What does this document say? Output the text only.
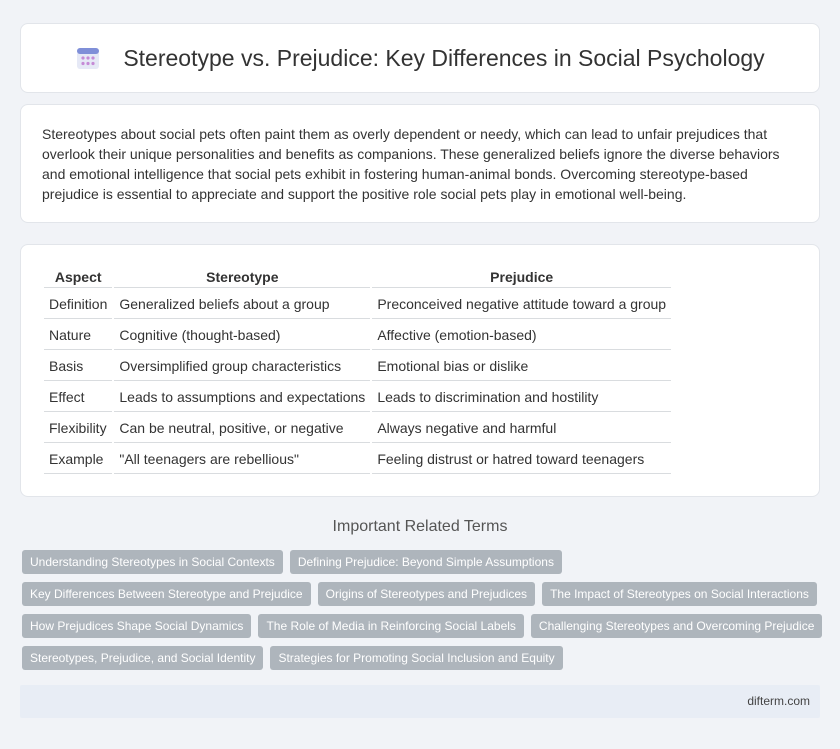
Stereotype vs. Prejudice: Key Differences in Social Psychology

Stereotypes about social pets often paint them as overly dependent or needy, which can lead to unfair prejudices that overlook their unique personalities and benefits as companions. These generalized beliefs ignore the diverse behaviors and emotional intelligence that social pets exhibit in fostering human-animal bonds. Overcoming stereotype-based prejudice is essential to appreciate and support the positive role social pets play in emotional well-being.

Aspect	Stereotype	Prejudice
Definition	Generalized beliefs about a group	Preconceived negative attitude toward a group
Nature	Cognitive (thought-based)	Affective (emotion-based)
Basis	Oversimplified group characteristics	Emotional bias or dislike
Effect	Leads to assumptions and expectations	Leads to discrimination and hostility
Flexibility	Can be neutral, positive, or negative	Always negative and harmful
Example	"All teenagers are rebellious"	Feeling distrust or hatred toward teenagers
Important Related Terms
Understanding Stereotypes in Social Contexts	Defining Prejudice: Beyond Simple Assumptions
Key Differences Between Stereotype and Prejudice	Origins of Stereotypes and Prejudices	The Impact of Stereotypes on Social Interactions
How Prejudices Shape Social Dynamics	The Role of Media in Reinforcing Social Labels	Challenging Stereotypes and Overcoming Prejudice
Stereotypes, Prejudice, and Social Identity	Strategies for Promoting Social Inclusion and Equity
difterm.com
